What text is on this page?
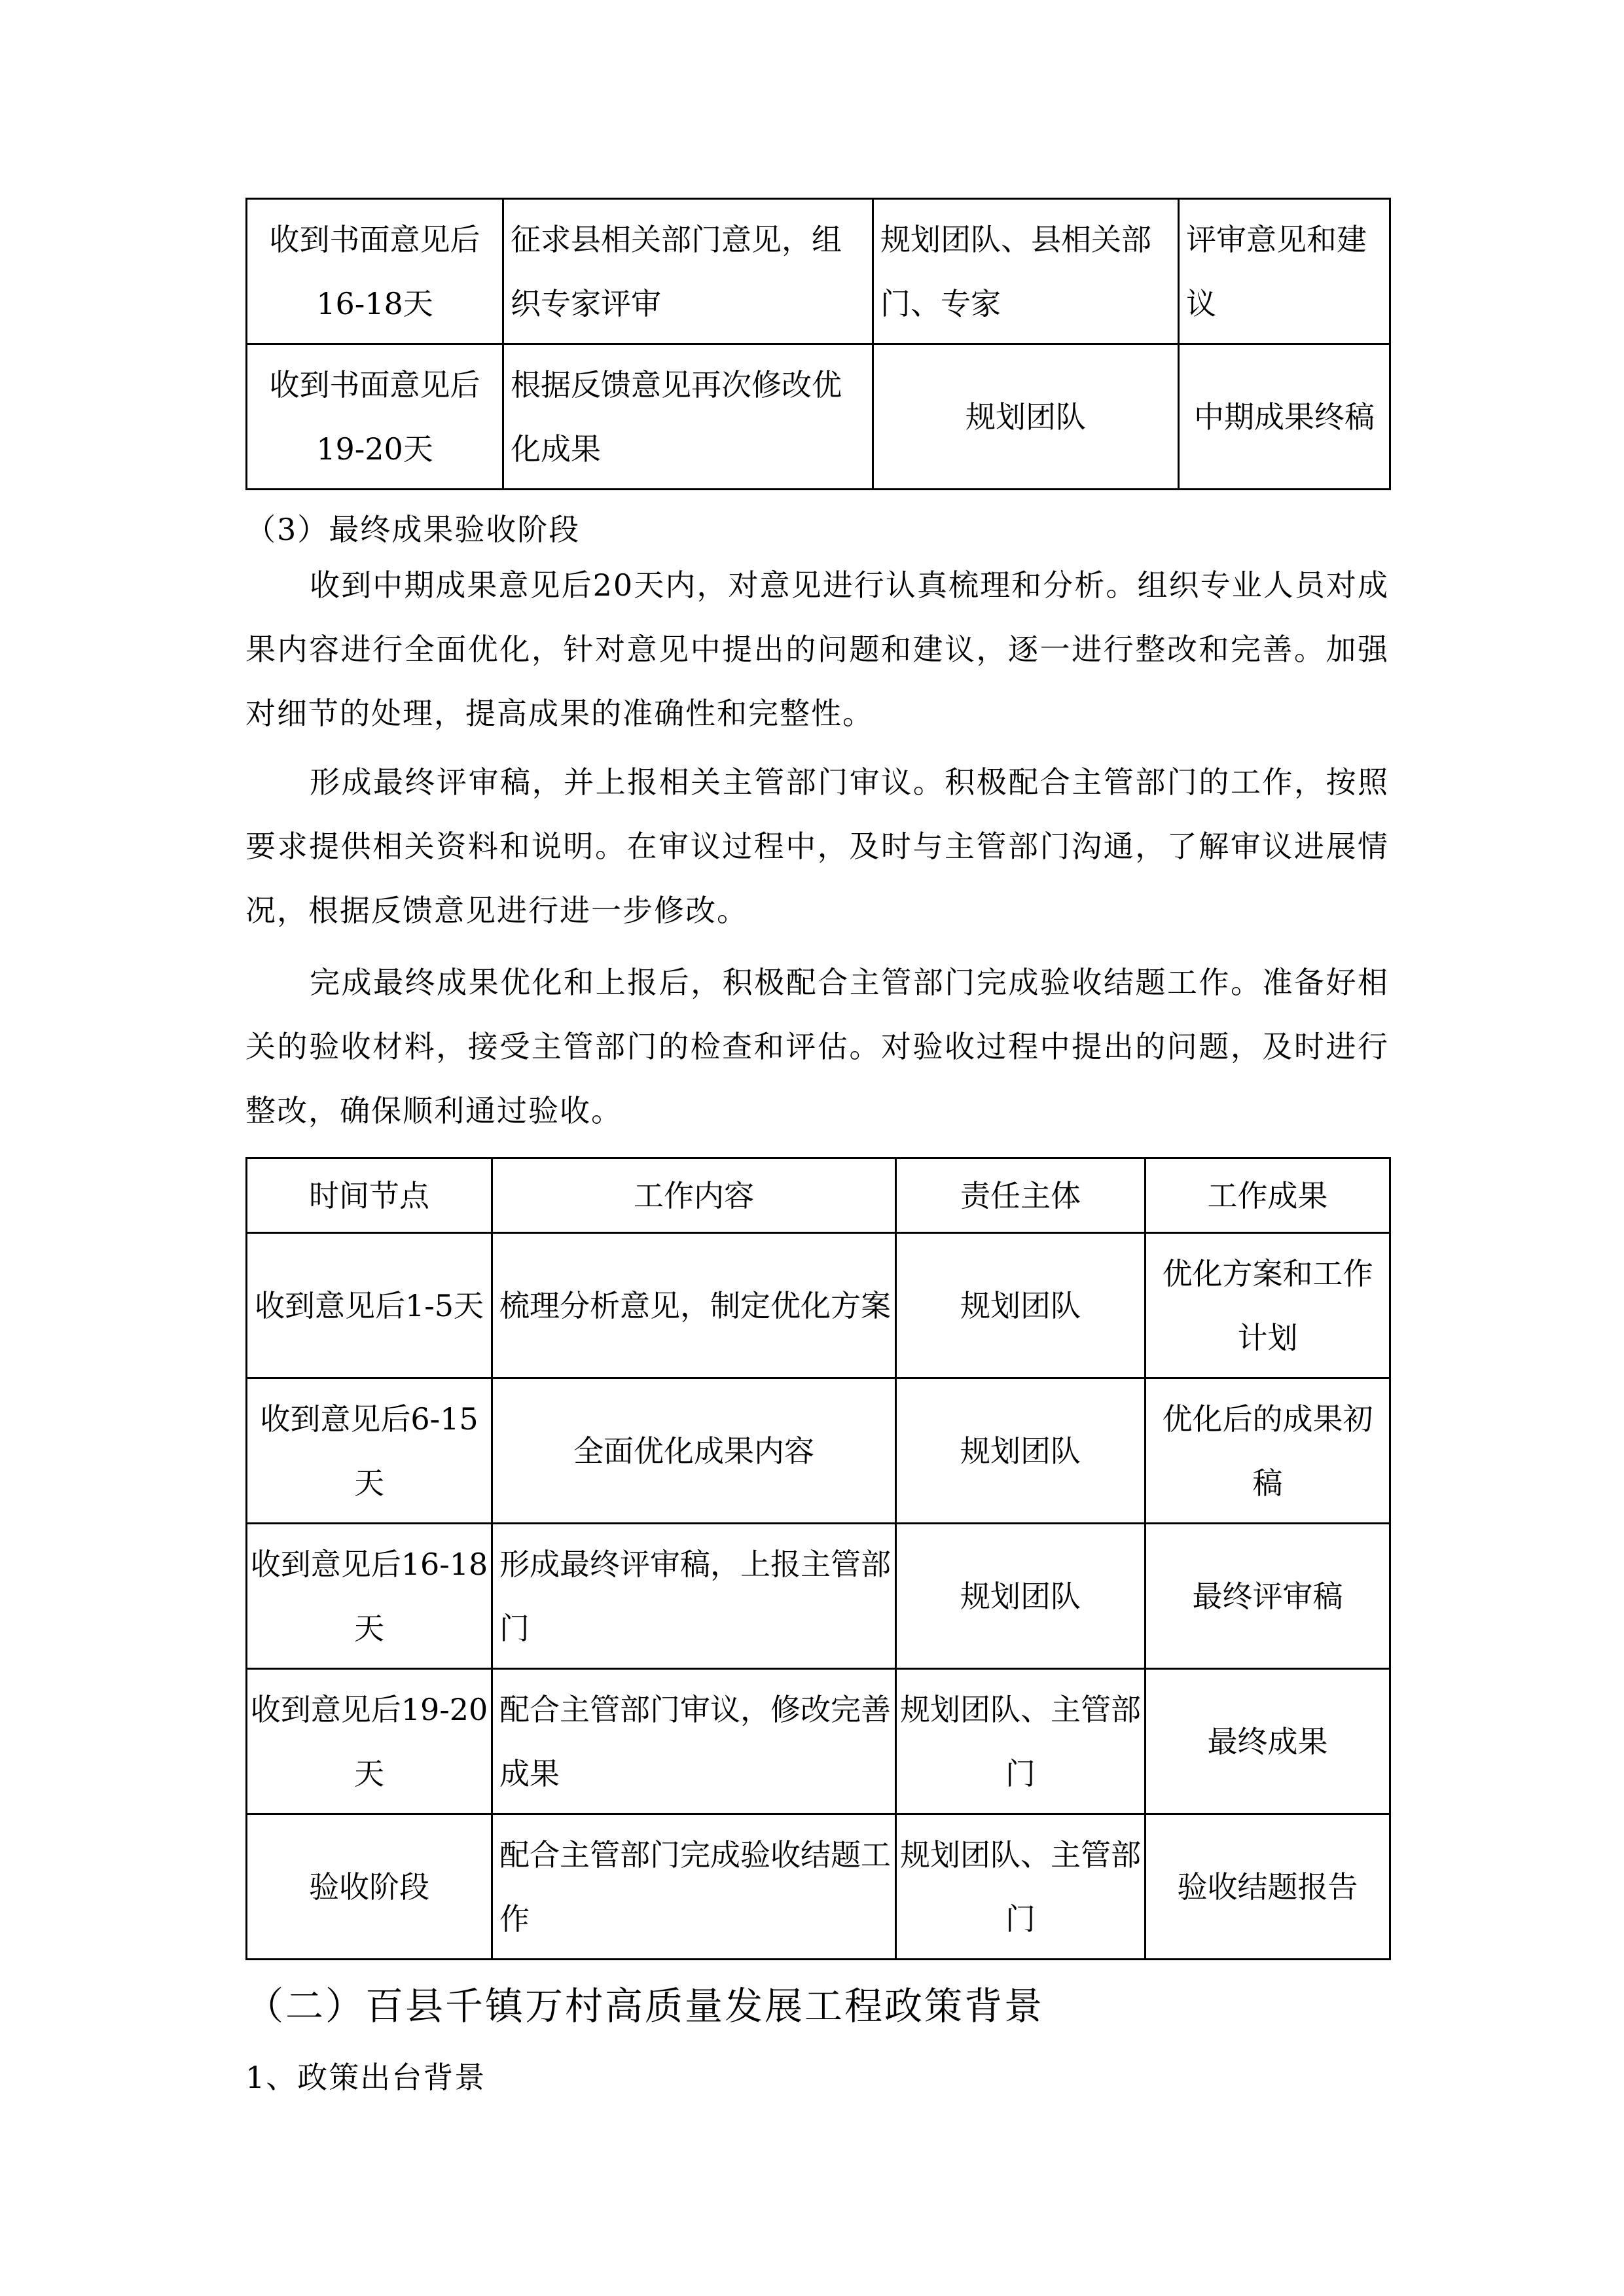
收到书面意见后16-18天	征求县相关部门意见，组织专家评审	规划团队、县相关部门、专家	评审意见和建议
收到书面意见后19-20天	根据反馈意见再次修改优化成果	规划团队	中期成果终稿

（3）最终成果验收阶段

收到中期成果意见后20天内，对意见进行认真梳理和分析。组织专业人员对成果内容进行全面优化，针对意见中提出的问题和建议，逐一进行整改和完善。加强对细节的处理，提高成果的准确性和完整性。

形成最终评审稿，并上报相关主管部门审议。积极配合主管部门的工作，按照要求提供相关资料和说明。在审议过程中，及时与主管部门沟通，了解审议进展情况，根据反馈意见进行进一步修改。

完成最终成果优化和上报后，积极配合主管部门完成验收结题工作。准备好相关的验收材料，接受主管部门的检查和评估。对验收过程中提出的问题，及时进行整改，确保顺利通过验收。

时间节点	工作内容	责任主体	工作成果
收到意见后1-5天	梳理分析意见，制定优化方案	规划团队	优化方案和工作计划
收到意见后6-15天	全面优化成果内容	规划团队	优化后的成果初稿
收到意见后16-18天	形成最终评审稿，上报主管部门	规划团队	最终评审稿
收到意见后19-20天	配合主管部门审议，修改完善成果	规划团队、主管部门	最终成果
验收阶段	配合主管部门完成验收结题工作	规划团队、主管部门	验收结题报告

（二）百县千镇万村高质量发展工程政策背景

1、政策出台背景
